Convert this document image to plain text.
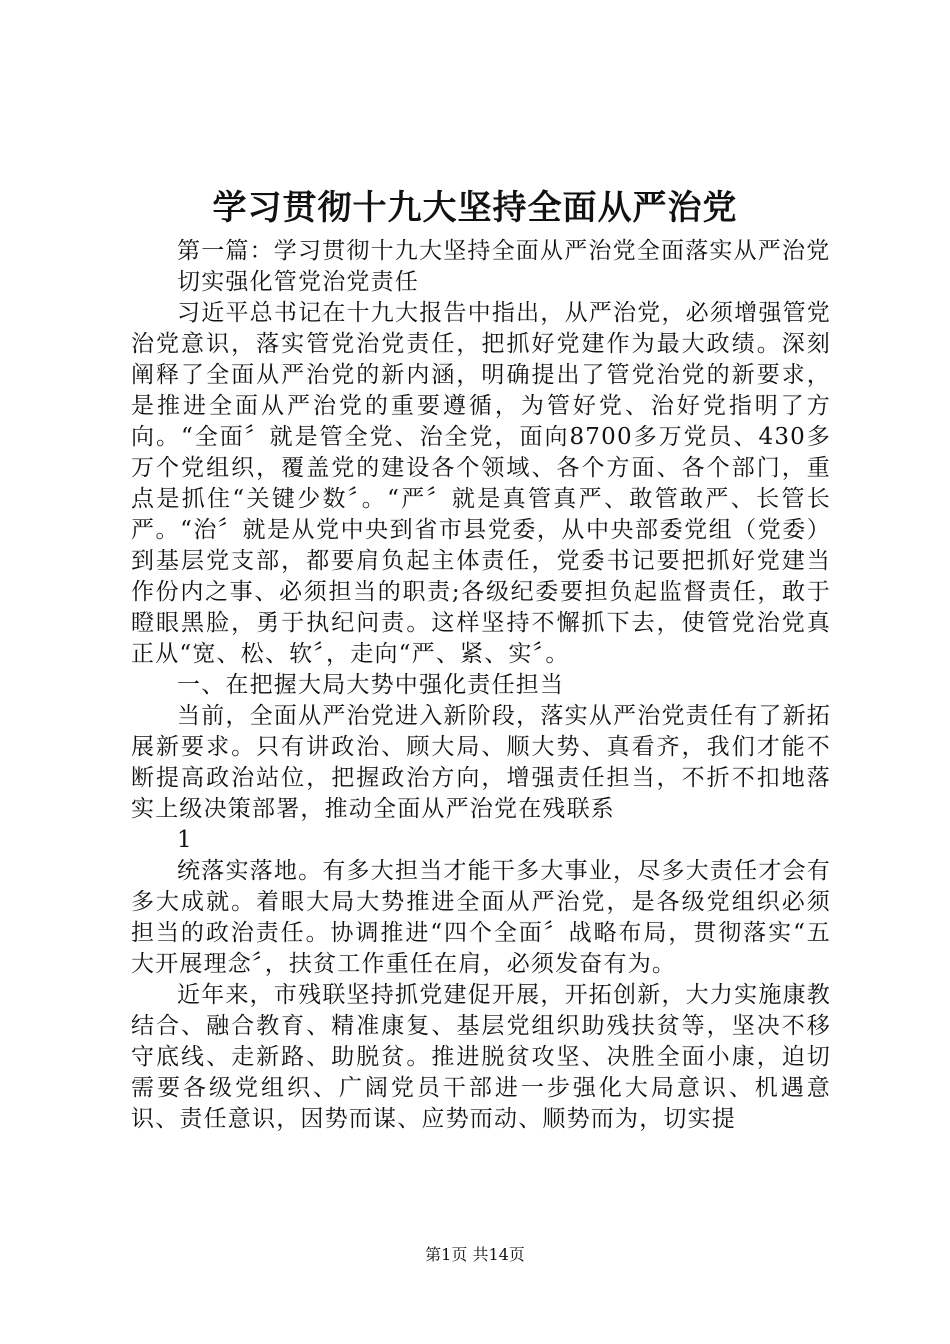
学习贯彻十九大坚持全面从严治党

第一篇：学习贯彻十九大坚持全面从严治党全面落实从严治党

切实强化管党治党责任

习近平总书记在十九大报告中指出，从严治党，必须增强管党治党意识，落实管党治党责任，把抓好党建作为最大政绩。深刻阐释了全面从严治党的新内涵，明确提出了管党治党的新要求，是推进全面从严治党的重要遵循，为管好党、治好党指明了方向。“全面〞就是管全党、治全党，面向8700多万党员、430多万个党组织，覆盖党的建设各个领域、各个方面、各个部门，重点是抓住“关键少数〞。“严〞就是真管真严、敢管敢严、长管长严。“治〞就是从党中央到省市县党委，从中央部委党组（党委）到基层党支部，都要肩负起主体责任，党委书记要把抓好党建当作份内之事、必须担当的职责;各级纪委要担负起监督责任，敢于瞪眼黑脸，勇于执纪问责。这样坚持不懈抓下去，使管党治党真正从“宽、松、软〞，走向“严、紧、实〞。

一、在把握大局大势中强化责任担当

当前，全面从严治党进入新阶段，落实从严治党责任有了新拓展新要求。只有讲政治、顾大局、顺大势、真看齐，我们才能不断提高政治站位，把握政治方向，增强责任担当，不折不扣地落实上级决策部署，推动全面从严治党在残联系

1

统落实落地。有多大担当才能干多大事业，尽多大责任才会有多大成就。着眼大局大势推进全面从严治党，是各级党组织必须担当的政治责任。协调推进“四个全面〞战略布局，贯彻落实“五大开展理念〞，扶贫工作重任在肩，必须发奋有为。

近年来，市残联坚持抓党建促开展，开拓创新，大力实施康教结合、融合教育、精准康复、基层党组织助残扶贫等，坚决不移守底线、走新路、助脱贫。推进脱贫攻坚、决胜全面小康，迫切需要各级党组织、广阔党员干部进一步强化大局意识、机遇意识、责任意识，因势而谋、应势而动、顺势而为，切实提

第1页 共14页
